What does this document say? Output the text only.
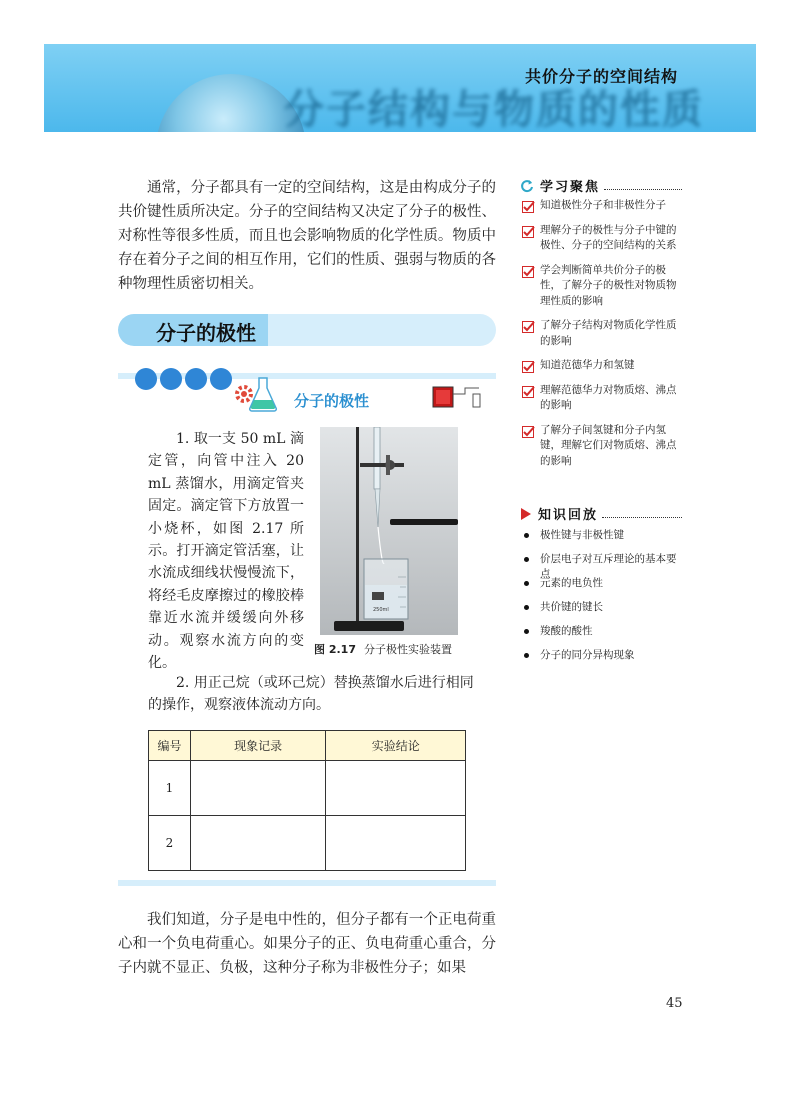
分子结构与物质的性质
共价分子的空间结构

通常，分子都具有一定的空间结构，这是由构成分子的共价键性质所决定。分子的空间结构又决定了分子的极性、对称性等很多性质，而且也会影响物质的化学性质。物质中存在着分子之间的相互作用，它们的性质、强弱与物质的各种物理性质密切相关。

分子的极性
分子的极性
1. 取一支 50 mL 滴定管，向管中注入 20 mL 蒸馏水，用滴定管夹固定。滴定管下方放置一小烧杯，如图 2.17 所示。打开滴定管活塞，让水流成细线状慢慢流下，将经毛皮摩擦过的橡胶棒靠近水流并缓缓向外移动。观察水流方向的变化。
250ml
图 2.17 分子极性实验装置
2. 用正己烷（或环己烷）替换蒸馏水后进行相同的操作，观察液体流动方向。
编号	现象记录	实验结论
1		
2		

我们知道，分子是电中性的，但分子都有一个正电荷重心和一个负电荷重心。如果分子的正、负电荷重心重合，分子内就不显正、负极，这种分子称为非极性分子；如果

学习聚焦
知道极性分子和非极性分子
理解分子的极性与分子中键的极性、分子的空间结构的关系
学会判断简单共价分子的极性，了解分子的极性对物质物理性质的影响
了解分子结构对物质化学性质的影响
知道范德华力和氢键
理解范德华力对物质熔、沸点的影响
了解分子间氢键和分子内氢键，理解它们对物质熔、沸点的影响
知识回放
极性键与非极性键
价层电子对互斥理论的基本要点
元素的电负性
共价键的键长
羧酸的酸性
分子的同分异构现象
45
